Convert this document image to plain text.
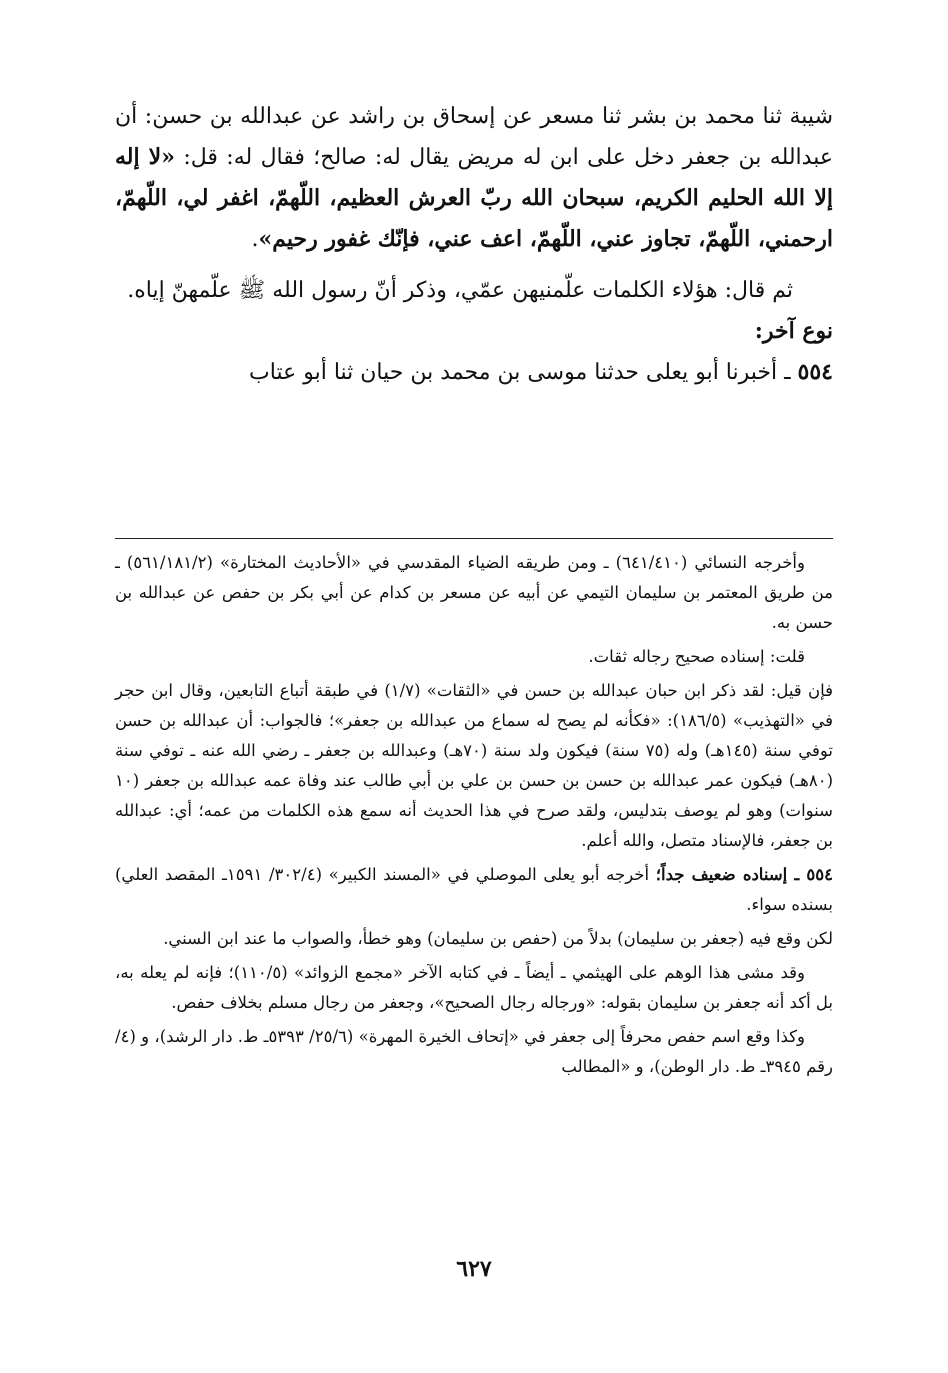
شيبة ثنا محمد بن بشر ثنا مسعر عن إسحاق بن راشد عن عبدالله بن حسن: أن عبدالله بن جعفر دخل على ابن له مريض يقال له: صالح؛ فقال له: قل: «لا إله إلا الله الحليم الكريم، سبحان الله ربّ العرش العظيم، اللّهمّ، اغفر لي، اللّهمّ، ارحمني، اللّهمّ، تجاوز عني، اللّهمّ، اعف عني، فإنّك غفور رحيم».

ثم قال: هؤلاء الكلمات علّمنيهن عمّي، وذكر أنّ رسول الله ﷺ علّمهنّ إياه.

نوع آخر:

٥٥٤ ـ أخبرنا أبو يعلى حدثنا موسى بن محمد بن حيان ثنا أبو عتاب

وأخرجه النسائي (٦٤١/٤١٠) ـ ومن طريقه الضياء المقدسي في «الأحاديث المختارة» (٥٦١/١٨١/٢) ـ من طريق المعتمر بن سليمان التيمي عن أبيه عن مسعر بن كدام عن أبي بكر بن حفص عن عبدالله بن حسن به.

قلت: إسناده صحيح رجاله ثقات.

فإن قيل: لقد ذكر ابن حبان عبدالله بن حسن في «الثقات» (١/٧) في طبقة أتباع التابعين، وقال ابن حجر في «التهذيب» (١٨٦/٥): «فكأنه لم يصح له سماع من عبدالله بن جعفر»؛ فالجواب: أن عبدالله بن حسن توفي سنة (١٤٥هـ) وله (٧٥ سنة) فيكون ولد سنة (٧٠هـ) وعبدالله بن جعفر ـ رضي الله عنه ـ توفي سنة (٨٠هـ) فيكون عمر عبدالله بن حسن بن حسن بن علي بن أبي طالب عند وفاة عمه عبدالله بن جعفر (١٠ سنوات) وهو لم يوصف بتدليس، ولقد صرح في هذا الحديث أنه سمع هذه الكلمات من عمه؛ أي: عبدالله بن جعفر، فالإسناد متصل، والله أعلم.

٥٥٤ ـ إسناده ضعيف جداً؛ أخرجه أبو يعلى الموصلي في «المسند الكبير» (٣٠٢/٤/ ١٥٩١ـ المقصد العلي) بسنده سواء.

لكن وقع فيه (جعفر بن سليمان) بدلاً من (حفص بن سليمان) وهو خطأ، والصواب ما عند ابن السني.

وقد مشى هذا الوهم على الهيثمي ـ أيضاً ـ في كتابه الآخر «مجمع الزوائد» (١١٠/٥)؛ فإنه لم يعله به، بل أكد أنه جعفر بن سليمان بقوله: «ورجاله رجال الصحيح»، وجعفر من رجال مسلم بخلاف حفص.

وكذا وقع اسم حفص محرفاً إلى جعفر في «إتحاف الخيرة المهرة» (٢٥/٦/ ٥٣٩٣ـ ط. دار الرشد)، و (٤/رقم ٣٩٤٥ـ ط. دار الوطن)، و «المطالب

٦٢٧
